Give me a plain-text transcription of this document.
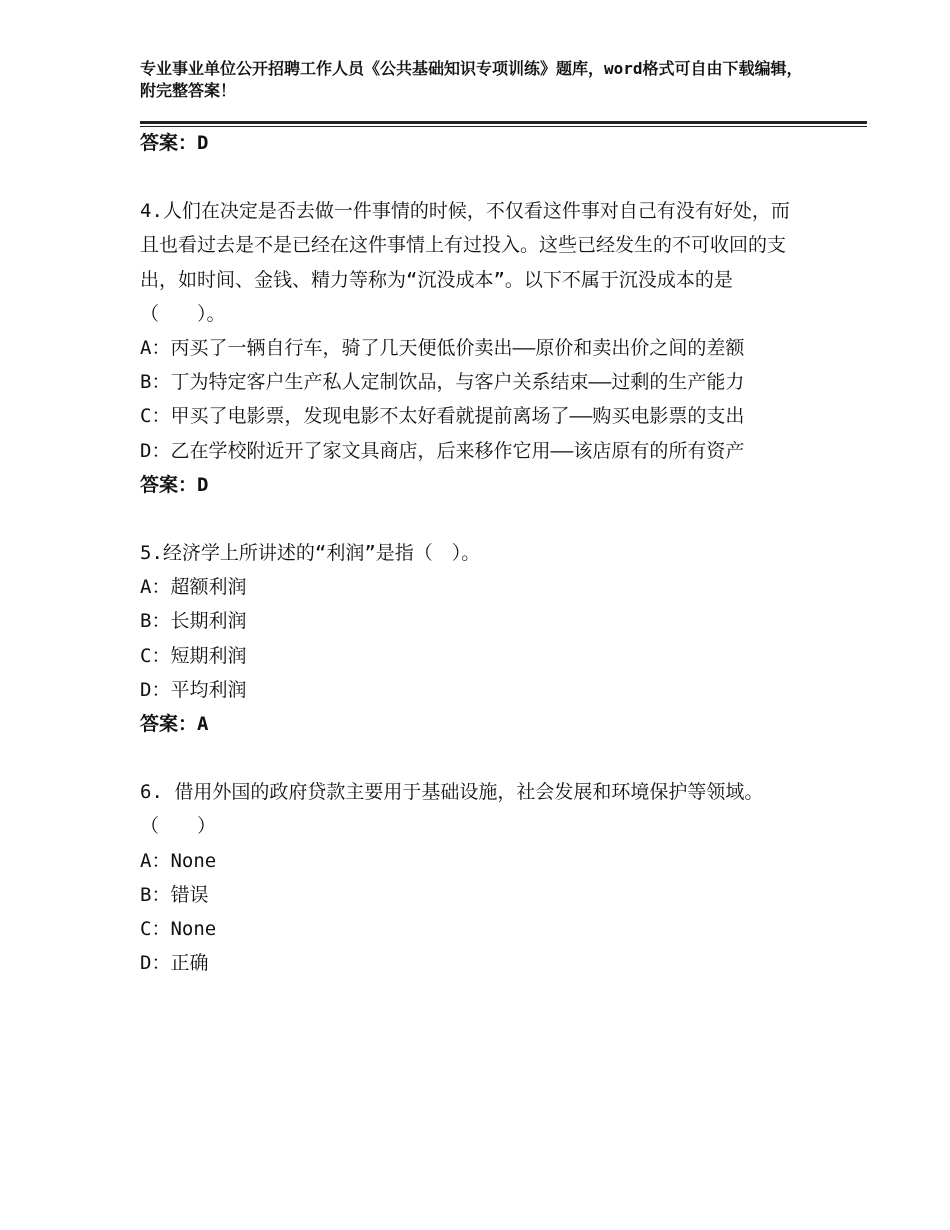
专业事业单位公开招聘工作人员《公共基础知识专项训练》题库，word格式可自由下载编辑，附完整答案！

答案：D

4.人们在决定是否去做一件事情的时候，不仅看这件事对自己有没有好处，而且也看过去是不是已经在这件事情上有过投入。这些已经发生的不可收回的支出，如时间、金钱、精力等称为“沉没成本”。以下不属于沉没成本的是（　　）。

A：丙买了一辆自行车，骑了几天便低价卖出——原价和卖出价之间的差额

B：丁为特定客户生产私人定制饮品，与客户关系结束——过剩的生产能力

C：甲买了电影票，发现电影不太好看就提前离场了——购买电影票的支出

D：乙在学校附近开了家文具商店，后来移作它用——该店原有的所有资产

答案：D

5.经济学上所讲述的“利润”是指（　）。

A：超额利润

B：长期利润

C：短期利润

D：平均利润

答案：A

6. 借用外国的政府贷款主要用于基础设施，社会发展和环境保护等领域。（　　）

A：None

B：错误

C：None

D：正确
